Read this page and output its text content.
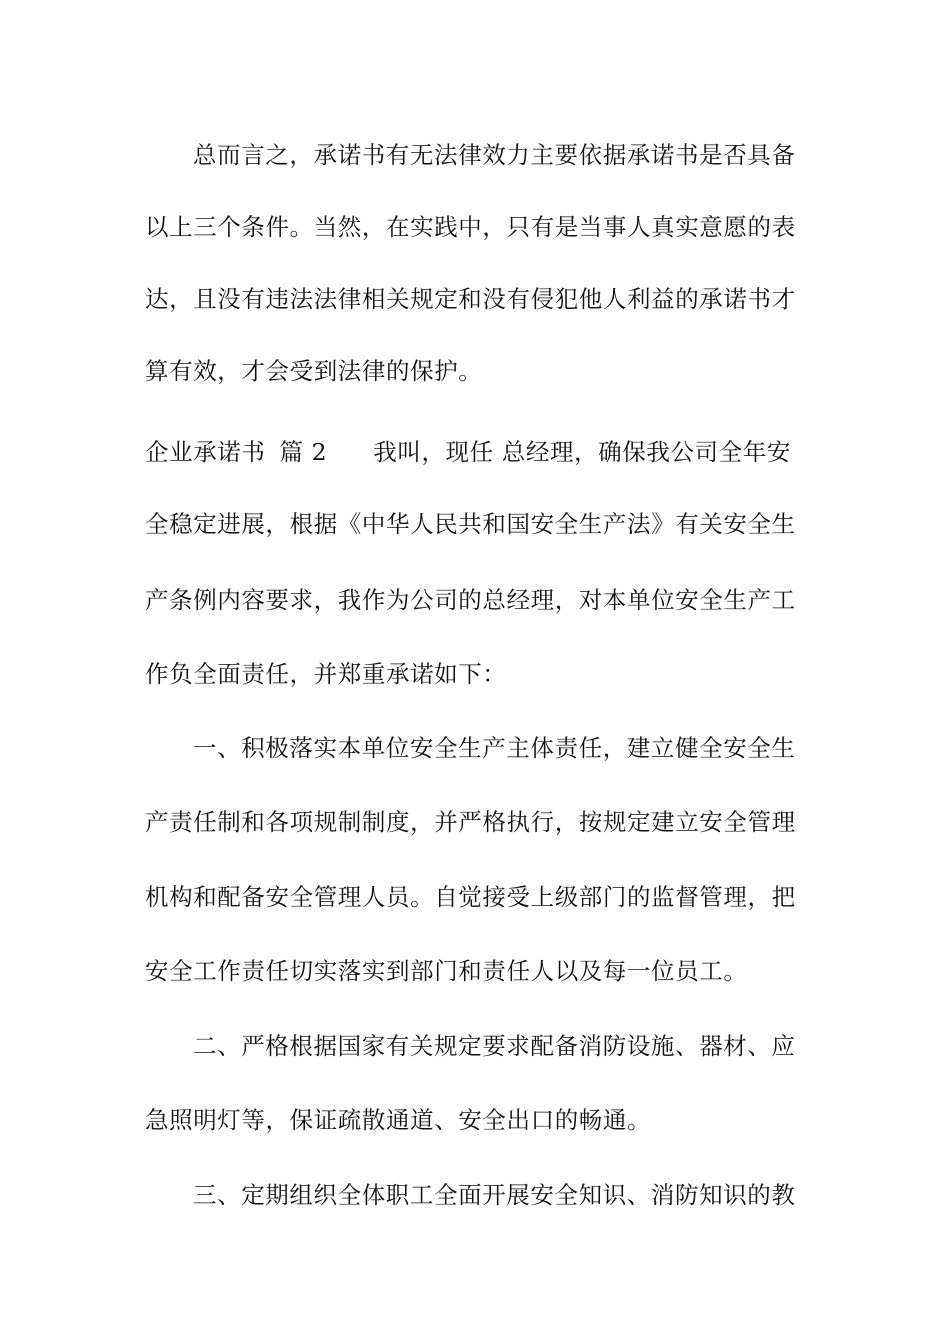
总而言之，承诺书有无法律效力主要依据承诺书是否具备
以上三个条件。当然，在实践中，只有是当事人真实意愿的表
达，且没有违法法律相关规定和没有侵犯他人利益的承诺书才
算有效，才会受到法律的保护。
企业承诺书 篇 2 我叫，现任 总经理，确保我公司全年安
全稳定进展，根据《中华人民共和国安全生产法》有关安全生
产条例内容要求，我作为公司的总经理，对本单位安全生产工
作负全面责任，并郑重承诺如下：
一、积极落实本单位安全生产主体责任，建立健全安全生
产责任制和各项规制制度，并严格执行，按规定建立安全管理
机构和配备安全管理人员。自觉接受上级部门的监督管理，把
安全工作责任切实落实到部门和责任人以及每一位员工。
二、严格根据国家有关规定要求配备消防设施、器材、应
急照明灯等，保证疏散通道、安全出口的畅通。
三、定期组织全体职工全面开展安全知识、消防知识的教
